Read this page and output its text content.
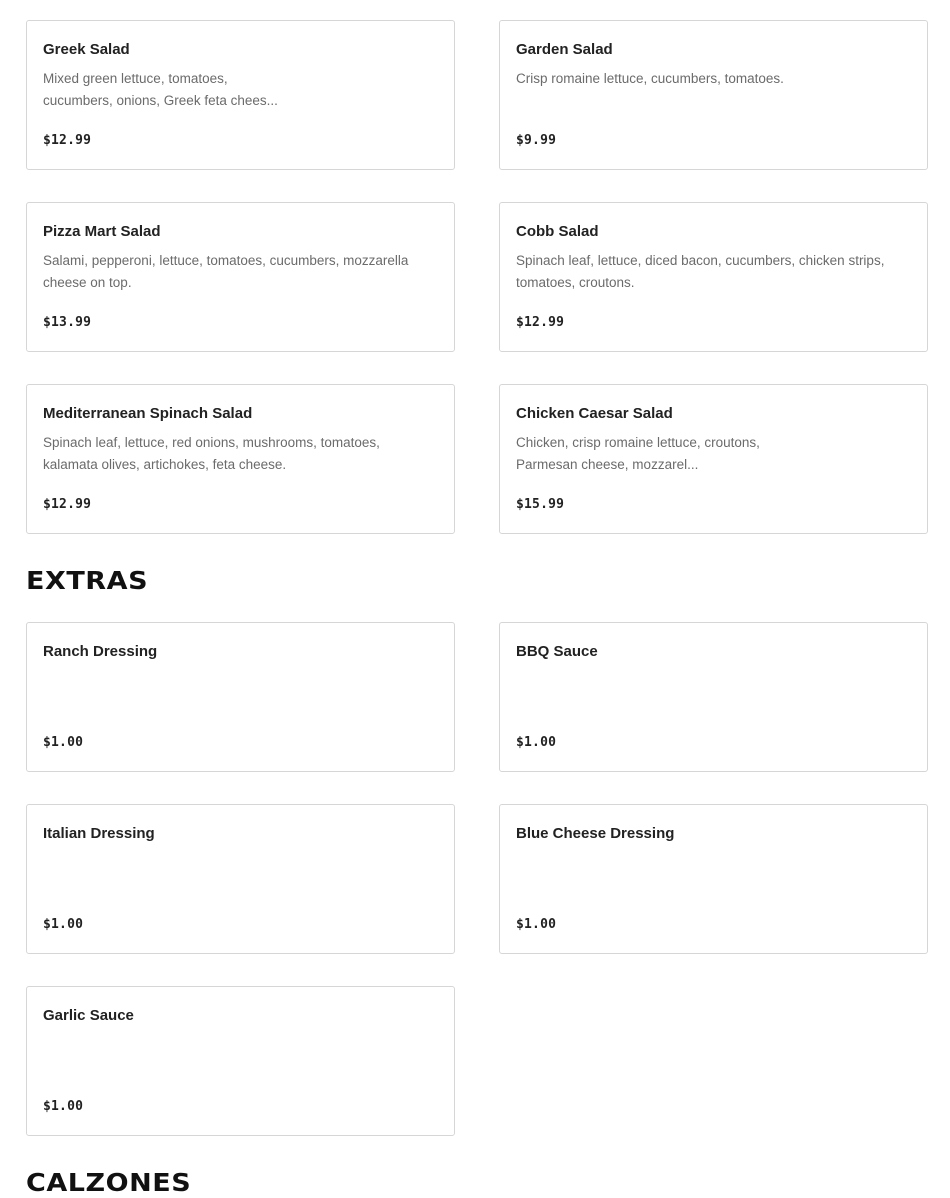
Greek Salad
Mixed green lettuce, tomatoes, cucumbers, onions, Greek feta chees...
$12.99
Garden Salad
Crisp romaine lettuce, cucumbers, tomatoes.
$9.99
Pizza Mart Salad
Salami, pepperoni, lettuce, tomatoes, cucumbers, mozzarella cheese on top.
$13.99
Cobb Salad
Spinach leaf, lettuce, diced bacon, cucumbers, chicken strips, tomatoes, croutons.
$12.99
Mediterranean Spinach Salad
Spinach leaf, lettuce, red onions, mushrooms, tomatoes, kalamata olives, artichokes, feta cheese.
$12.99
Chicken Caesar Salad
Chicken, crisp romaine lettuce, croutons, Parmesan cheese, mozzarel...
$15.99
EXTRAS
Ranch Dressing
$1.00
BBQ Sauce
$1.00
Italian Dressing
$1.00
Blue Cheese Dressing
$1.00
Garlic Sauce
$1.00
CALZONES
